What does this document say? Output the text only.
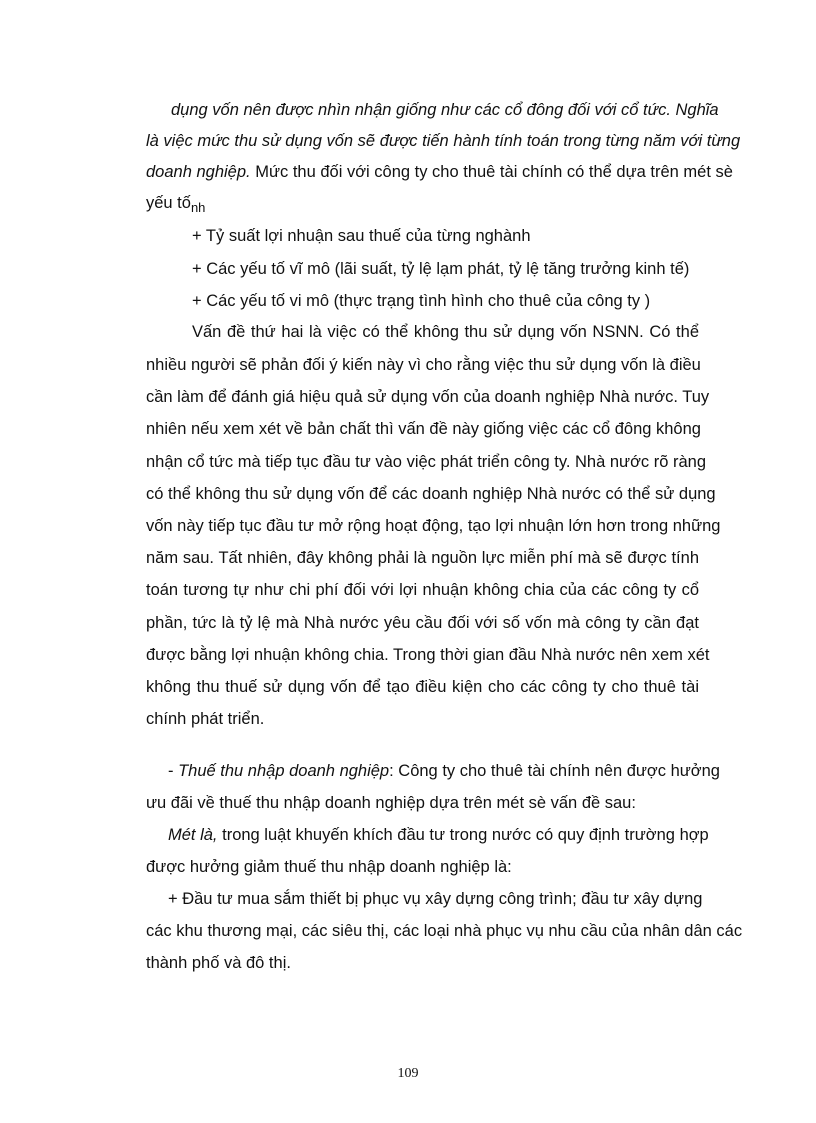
dụng vốn nên được nhìn nhận giống như các cổ đông đối với cổ tức. Nghĩa

là việc mức thu sử dụng vốn sẽ được tiến hành tính toán trong từng năm với từng

doanh nghiệp. Mức thu đối với công ty cho thuê tài chính có thể dựa trên mét sè

yếu tố$_{nh}$

+ Tỷ suất lợi nhuận sau thuế của từng nghành

+ Các yếu tố vĩ mô (lãi suất, tỷ lệ lạm phát, tỷ lệ tăng trưởng kinh tế)

+ Các yếu tố vi mô (thực trạng tình hình cho thuê của công ty )

Vấn đề thứ hai là việc có thể không thu sử dụng vốn NSNN. Có thể

nhiều người sẽ phản đối ý kiến này vì cho rằng việc thu sử dụng vốn là điều

cần làm để đánh giá hiệu quả sử dụng vốn của doanh nghiệp Nhà nước. Tuy

nhiên nếu xem xét về bản chất thì vấn đề này giống việc các cổ đông không

nhận cổ tức mà tiếp tục đầu tư vào việc phát triển công ty. Nhà nước rõ ràng

có thể không thu sử dụng vốn để các doanh nghiệp Nhà nước có thể sử dụng

vốn này tiếp tục đầu tư mở rộng hoạt động, tạo lợi nhuận lớn hơn trong những

năm sau. Tất nhiên, đây không phải là nguồn lực miễn phí mà sẽ được tính

toán tương tự như chi phí đối với lợi nhuận không chia của các công ty cổ

phần, tức là tỷ lệ mà Nhà nước yêu cầu đối với số vốn mà công ty cần đạt

được bằng lợi nhuận không chia. Trong thời gian đầu Nhà nước nên xem xét

không thu thuế sử dụng vốn để tạo điều kiện cho các công ty cho thuê tài

chính phát triển.

- Thuế thu nhập doanh nghiệp: Công ty cho thuê tài chính nên được hưởng

ưu đãi về thuế thu nhập doanh nghiệp dựa trên mét sè vấn đề sau:

Mét là, trong luật khuyến khích đầu tư trong nước có quy định trường hợp

được hưởng giảm thuế thu nhập doanh nghiệp là:

+ Đầu tư mua sắm thiết bị phục vụ xây dựng công trình; đầu tư xây dựng

các khu thương mại, các siêu thị, các loại nhà phục vụ nhu cầu của nhân dân các

thành phố và đô thị.

109
